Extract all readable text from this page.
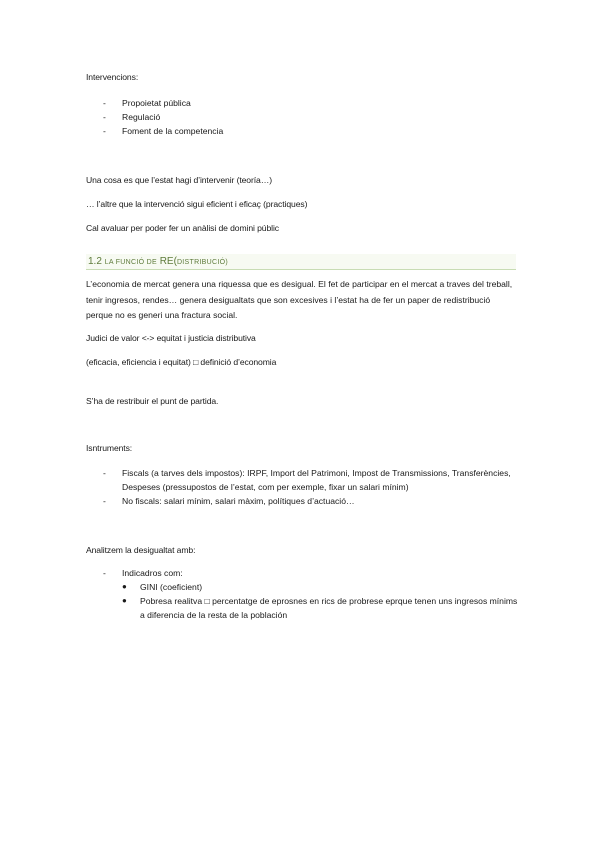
Intervencions:
- Propoietat pública
- Regulació
- Foment de la competencia
Una cosa es que l’estat hagi d’intervenir (teoría…)
… l’altre que la intervenció sigui eficient i eficaç (practiques)
Cal avaluar per poder fer un anàlisi de domini públic
1.2 LA FUNCIÓ DE RE(DISTRIBUCIÓ)
L’economia de mercat genera una riquessa que es desigual. El fet de participar en el mercat a traves del treball, tenir ingresos, rendes… genera desigualtats que son excesives i l’estat ha de fer un paper de redistribució perque no es generi una fractura social.
Judici de valor <-> equitat i justicia distributiva
(eficacia, eficiencia i equitat) □ definició d’economia
S’ha de restribuir el punt de partida.
Isntruments:
- Fiscals (a tarves dels impostos): IRPF, Import del Patrimoni, Impost de Transmissions, Transferències, Despeses (pressupostos de l’estat, com per exemple, fixar un salari mínim)
- No fiscals: salari mínim, salari màxim, polítiques d’actuació…
Analitzem la desigualtat amb:
- Indicadros com:
● GINI (coeficient)
● Pobresa realitva □ percentatge de eprosnes en rics de probrese eprque tenen uns ingresos mínims a diferencia de la resta de la población
